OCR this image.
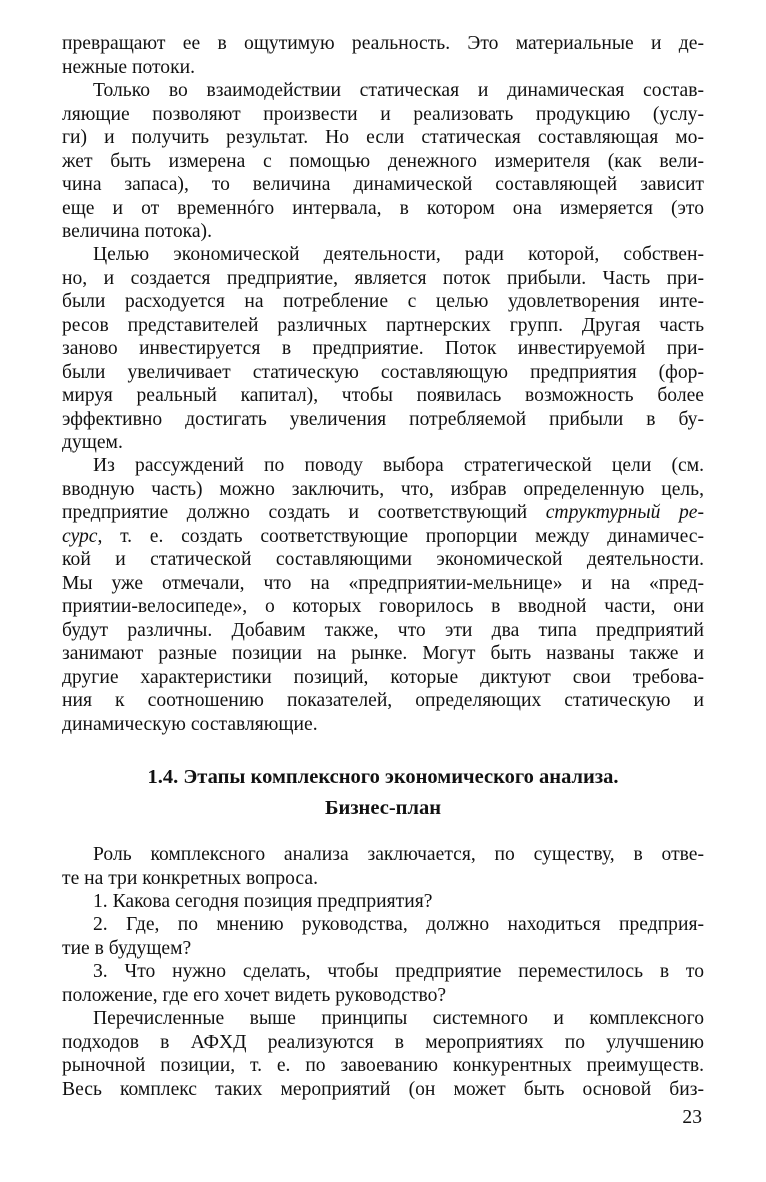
превращают ее в ощутимую реальность. Это материальные и де-

нежные потоки.

Только во взаимодействии статическая и динамическая состав-

ляющие позволяют произвести и реализовать продукцию (услу-

ги) и получить результат. Но если статическая составляющая мо-

жет быть измерена с помощью денежного измерителя (как вели-

чина запаса), то величина динамической составляющей зависит

еще и от временнóго интервала, в котором она измеряется (это

величина потока).

Целью экономической деятельности, ради которой, собствен-

но, и создается предприятие, является поток прибыли. Часть при-

были расходуется на потребление с целью удовлетворения инте-

ресов представителей различных партнерских групп. Другая часть

заново инвестируется в предприятие. Поток инвестируемой при-

были увеличивает статическую составляющую предприятия (фор-

мируя реальный капитал), чтобы появилась возможность более

эффективно достигать увеличения потребляемой прибыли в бу-

дущем.

Из рассуждений по поводу выбора стратегической цели (см.

вводную часть) можно заключить, что, избрав определенную цель,

предприятие должно создать и соответствующий структурный ре-

сурс, т. е. создать соответствующие пропорции между динамичес-

кой и статической составляющими экономической деятельности.

Мы уже отмечали, что на «предприятии-мельнице» и на «пред-

приятии-велосипеде», о которых говорилось в вводной части, они

будут различны. Добавим также, что эти два типа предприятий

занимают разные позиции на рынке. Могут быть названы также и

другие характеристики позиций, которые диктуют свои требова-

ния к соотношению показателей, определяющих статическую и

динамическую составляющие.

1.4. Этапы комплексного экономического анализа.
Бизнес-план

Роль комплексного анализа заключается, по существу, в отве-

те на три конкретных вопроса.

1. Какова сегодня позиция предприятия?

2. Где, по мнению руководства, должно находиться предприя-

тие в будущем?

3. Что нужно сделать, чтобы предприятие переместилось в то

положение, где его хочет видеть руководство?

Перечисленные выше принципы системного и комплексного

подходов в АФХД реализуются в мероприятиях по улучшению

рыночной позиции, т. е. по завоеванию конкурентных преимуществ.

Весь комплекс таких мероприятий (он может быть основой биз-

23
